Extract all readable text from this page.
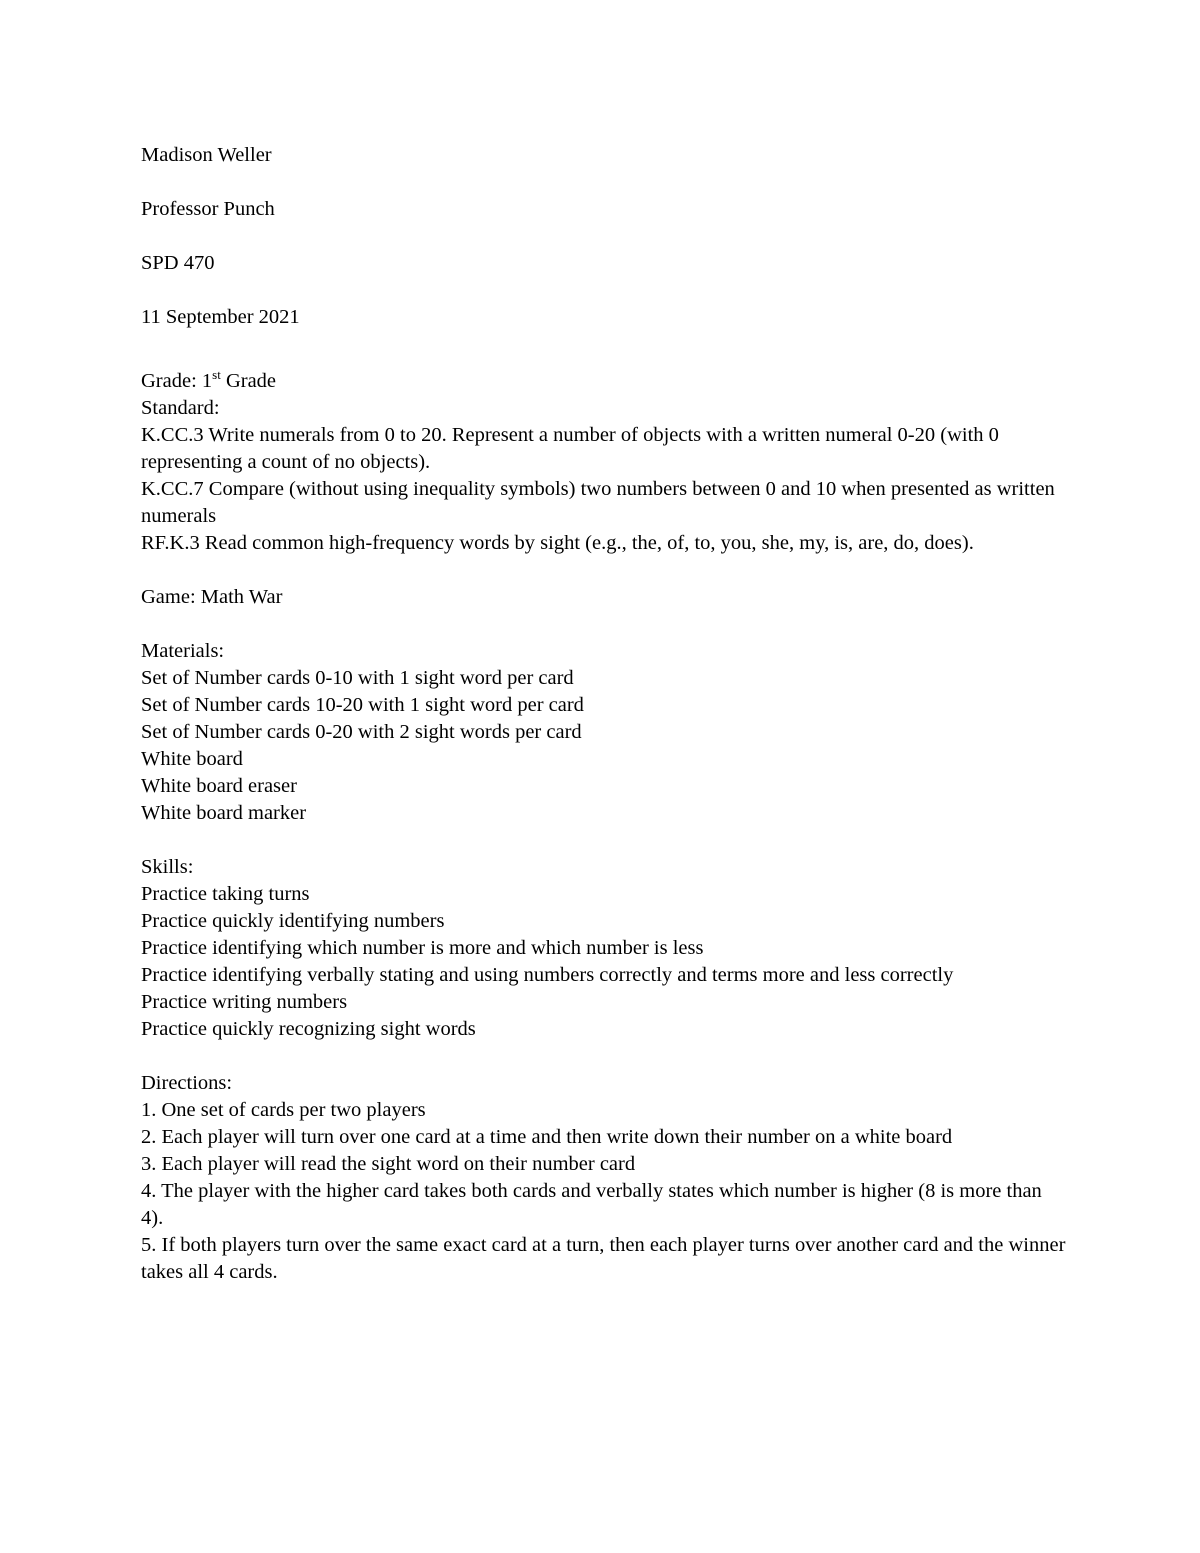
Madison Weller
Professor Punch
SPD 470
11 September 2021
Grade: 1st Grade
Standard:
K.CC.3 Write numerals from 0 to 20. Represent a number of objects with a written numeral 0-20 (with 0 representing a count of no objects).
K.CC.7 Compare (without using inequality symbols) two numbers between 0 and 10 when presented as written numerals
RF.K.3 Read common high-frequency words by sight (e.g., the, of, to, you, she, my, is, are, do, does).
Game: Math War
Materials:
Set of Number cards 0-10 with 1 sight word per card
Set of Number cards 10-20 with 1 sight word per card
Set of Number cards 0-20 with 2 sight words per card
White board
White board eraser
White board marker
Skills:
Practice taking turns
Practice quickly identifying numbers
Practice identifying which number is more and which number is less
Practice identifying verbally stating and using numbers correctly and terms more and less correctly
Practice writing numbers
Practice quickly recognizing sight words
Directions:
1. One set of cards per two players
2. Each player will turn over one card at a time and then write down their number on a white board
3. Each player will read the sight word on their number card
4. The player with the higher card takes both cards and verbally states which number is higher (8 is more than 4).
5. If both players turn over the same exact card at a turn, then each player turns over another card and the winner takes all 4 cards.
